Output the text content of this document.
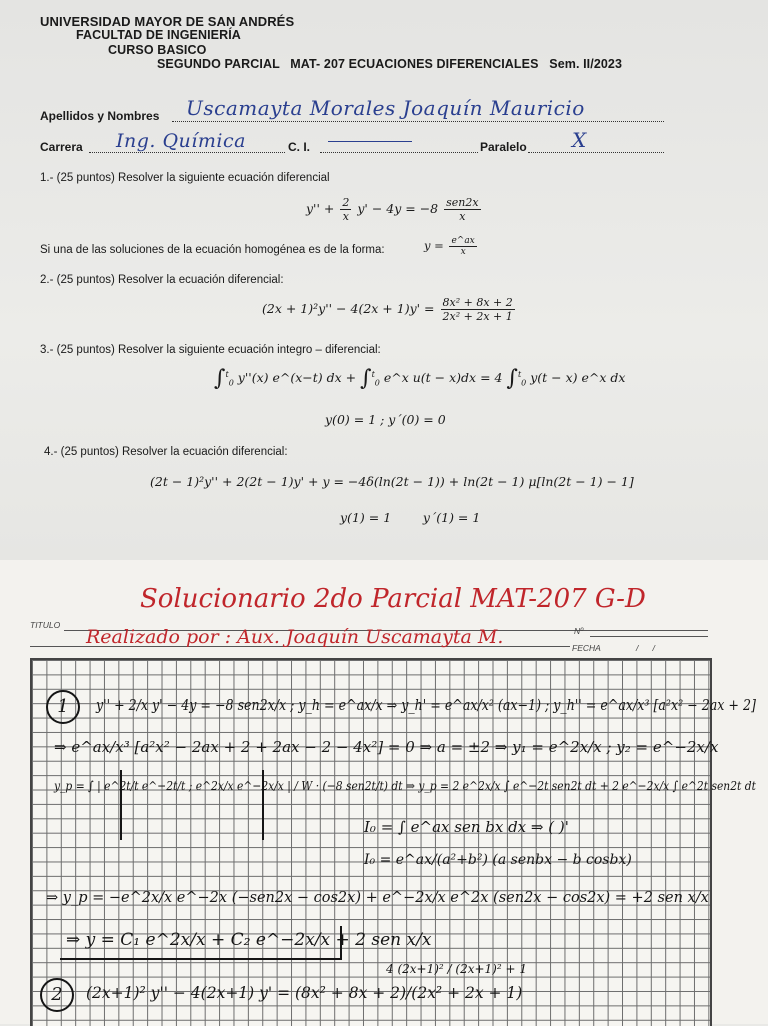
UNIVERSIDAD MAYOR DE SAN ANDRÉS
FACULTAD DE INGENIERÍA
CURSO BASICO
SEGUNDO PARCIAL   MAT- 207 ECUACIONES DIFERENCIALES   Sem. II/2023
Apellidos y Nombres Uscamayta Morales Joaquín Mauricio
Carrera Ing. Química	C. I.	Paralelo X
1.- (25 puntos) Resolver la siguiente ecuación diferencial
$y'' + \frac{2}{x} y' - 4y = -8 \frac{\text{sen2x}}{x}$
Si una de las soluciones de la ecuación homogénea es de la forma:	$y = \frac{e\^{}ax}{x}$
2.- (25 puntos) Resolver la ecuación diferencial:
$(2x + 1)^2y'' - 4(2x + 1)y' = \frac{\text{8x² + 8x + 2}}{\text{2x² + 2x + 1}}$
3.- (25 puntos) Resolver la siguiente ecuación integro – diferencial:
∫$^t_0$ y''(x) e^(x−t) dx + ∫$^t_0$ e^x u(t − x)dx = 4 ∫$^t_0$ y(t − x) e^x dx
y(0) = 1 ; y´(0) = 0
4.- (25 puntos) Resolver la ecuación diferencial:
(2t − 1)²y'' + 2(2t − 1)y' + y = −4δ(ln(2t − 1)) + ln(2t − 1) μ[ln(2t − 1) − 1]
y(1) = 1        y´(1) = 1
Solucionario 2do Parcial MAT-207 G-D
TITULO
Realizado por : Aux. Joaquín Uscamayta M.	Nº
FECHA	/      /
1	y'' + 2/x y' − 4y = −8 sen2x/x ; y_h = e^ax/x ⇒ y_h' = e^ax/x² (ax−1) ; y_h'' = e^ax/x³ [a²x² − 2ax + 2]
⇒ e^ax/x³ [a²x² − 2ax + 2 + 2ax − 2 − 4x²] = 0 ⇒ a = ±2 ⇒ y₁ = e^2x/x ; y₂ = e^−2x/x
y_p = ∫ | e^2t/t e^−2t/t ; e^2x/x e^−2x/x | / W · (−8 sen2t/t) dt ⇒ y_p = 2 e^2x/x ∫ e^−2t sen2t dt + 2 e^−2x/x ∫ e^2t sen2t dt
I₀ = ∫ e^ax sen bx dx ⇒ ( )'
I₀ = e^ax/(a²+b²) (a senbx − b cosbx)
⇒ y_p = −e^2x/x e^−2x (−sen2x − cos2x) + e^−2x/x e^2x (sen2x − cos2x) = +2 sen x/x
⇒ y = C₁ e^2x/x + C₂ e^−2x/x + 2 sen x/x
2	(2x+1)² y'' − 4(2x+1) y' = (8x² + 8x + 2)/(2x² + 2x + 1)
4 (2x+1)² / (2x+1)² + 1
